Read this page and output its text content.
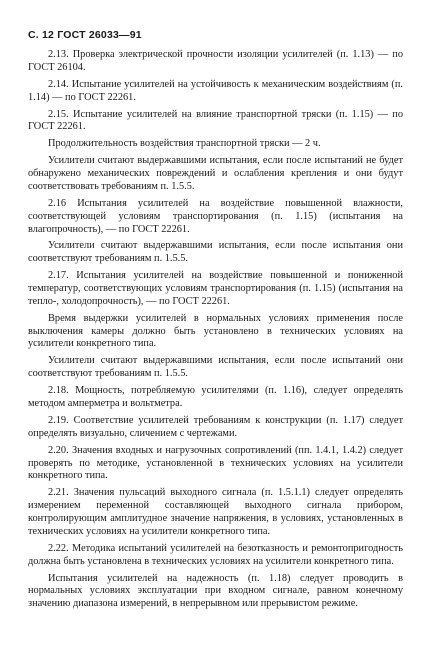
С. 12 ГОСТ 26033—91

2.13. Проверка электрической прочности изоляции усилителей (п. 1.13) — по ГОСТ 26104.

2.14. Испытание усилителей на устойчивость к механическим воздействиям (п. 1.14) — по ГОСТ 22261.

2.15. Испытание усилителей на влияние транспортной тряски (п. 1.15) — по ГОСТ 22261.

Продолжительность воздействия транспортной тряски — 2 ч.

Усилители считают выдержавшими испытания, если после испытаний не будет обнаружено механических повреждений и ослабления крепления и они будут соответствовать требованиям п. 1.5.5.

2.16 Испытания усилителей на воздействие повышенной влажности, соответствующей условиям транспортирования (п. 1.15) (испытания на влагопрочность), — по ГОСТ 22261.

Усилители считают выдержавшими испытания, если после испытания они соответствуют требованиям п. 1.5.5.

2.17. Испытания усилителей на воздействие повышенной и пониженной температур, соответствующих условиям транспортирования (п. 1.15) (испытания на тепло-, холодопрочность), — по ГОСТ 22261.

Время выдержки усилителей в нормальных условиях применения после выключения камеры должно быть установлено в технических условиях на усилители конкретного типа.

Усилители считают выдержавшими испытания, если после испытаний они соответствуют требованиям п. 1.5.5.

2.18. Мощность, потребляемую усилителями (п. 1.16), следует определять методом амперметра и вольтметра.

2.19. Соответствие усилителей требованиям к конструкции (п. 1.17) следует определять визуально, сличением с чертежами.

2.20. Значения входных и нагрузочных сопротивлений (пп. 1.4.1, 1.4.2) следует проверять по методике, установленной в технических условиях на усилители конкретного типа.

2.21. Значения пульсаций выходного сигнала (п. 1.5.1.1) следует определять измерением переменной составляющей выходного сигнала прибором, контролирующим амплитудное значение напряжения, в условиях, установленных в технических условиях на усилители конкретного типа.

2.22. Методика испытаний усилителей на безотказность и ремонтопригодность должна быть установлена в технических условиях на усилители конкретного типа.

Испытания усилителей на надежность (п. 1.18) следует проводить в нормальных условиях эксплуатации при входном сигнале, равном конечному значению диапазона измерений, в непрерывном или прерывистом режиме.
